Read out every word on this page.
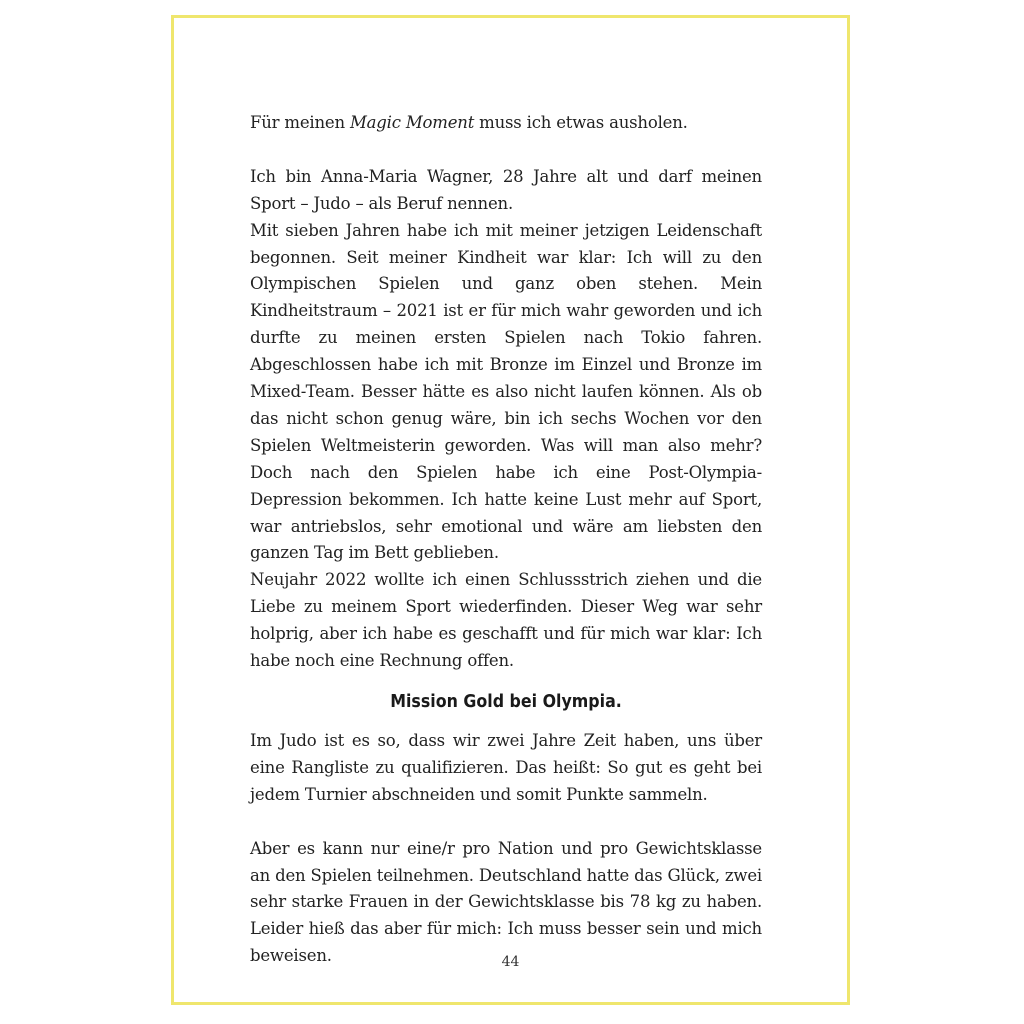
Für meinen Magic Moment muss ich etwas ausholen.

Ich bin Anna-Maria Wagner, 28 Jahre alt und darf meinen Sport – Judo – als Beruf nennen.

Mit sieben Jahren habe ich mit meiner jetzigen Leidenschaft begonnen. Seit meiner Kindheit war klar: Ich will zu den Olympischen Spielen und ganz oben stehen. Mein Kindheitstraum – 2021 ist er für mich wahr geworden und ich durfte zu meinen ersten Spielen nach Tokio fahren. Abgeschlossen habe ich mit Bronze im Einzel und Bronze im Mixed-Team. Besser hätte es also nicht laufen können. Als ob das nicht schon genug wäre, bin ich sechs Wochen vor den Spielen Weltmeisterin geworden. Was will man also mehr? Doch nach den Spielen habe ich eine Post-Olympia-Depression bekommen. Ich hatte keine Lust mehr auf Sport, war antriebslos, sehr emotional und wäre am liebsten den ganzen Tag im Bett geblieben.

Neujahr 2022 wollte ich einen Schlussstrich ziehen und die Liebe zu meinem Sport wiederfinden. Dieser Weg war sehr holprig, aber ich habe es geschafft und für mich war klar: Ich habe noch eine Rechnung offen.

Mission Gold bei Olympia.

Im Judo ist es so, dass wir zwei Jahre Zeit haben, uns über eine Rangliste zu qualifizieren. Das heißt: So gut es geht bei jedem Turnier abschneiden und somit Punkte sammeln.

Aber es kann nur eine/r pro Nation und pro Gewichtsklasse an den Spielen teilnehmen. Deutschland hatte das Glück, zwei sehr starke Frauen in der Gewichtsklasse bis 78 kg zu haben. Leider hieß das aber für mich: Ich muss besser sein und mich beweisen.	44
